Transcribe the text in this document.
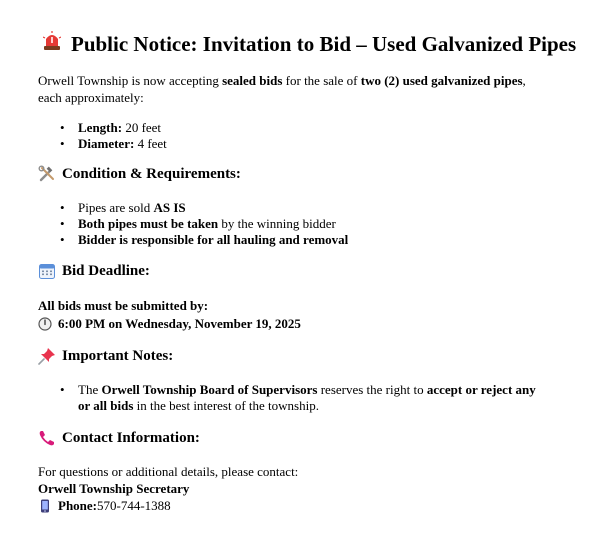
Public Notice: Invitation to Bid – Used Galvanized Pipes
Orwell Township is now accepting sealed bids for the sale of two (2) used galvanized pipes,
each approximately:
• Length: 20 feet
• Diameter: 4 feet
Condition & Requirements:
• Pipes are sold AS IS
• Both pipes must be taken by the winning bidder
• Bidder is responsible for all hauling and removal
Bid Deadline:
All bids must be submitted by:
6:00 PM on Wednesday, November 19, 2025
Important Notes:
• The Orwell Township Board of Supervisors reserves the right to accept or reject any
or all bids in the best interest of the township.
Contact Information:
For questions or additional details, please contact:
Orwell Township Secretary
Phone: 570-744-1388
